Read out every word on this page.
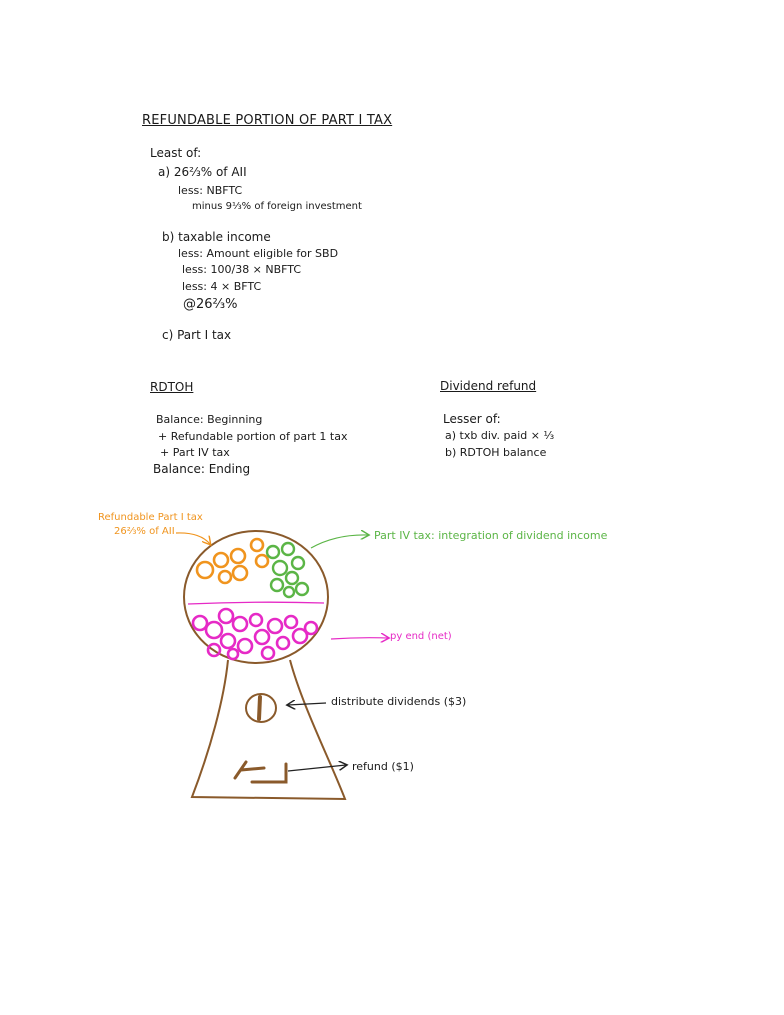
REFUNDABLE PORTION OF PART I TAX
Least of:
a) 26⅔% of AII
less: NBFTC
minus 9⅓% of foreign investment
b) taxable income
less: Amount eligible for SBD
less: 100/38 × NBFTC
less: 4 × BFTC
@26⅔%
c) Part I tax
RDTOH
Balance: Beginning
+ Refundable portion of part 1 tax
+ Part IV tax
Balance: Ending
Dividend refund
Lesser of:
a) txb div. paid × ⅓
b) RDTOH balance
Refundable Part I tax
26⅔% of AII	Part IV tax: integration of dividend income
py end (net)
distribute dividends ($3)
refund ($1)
